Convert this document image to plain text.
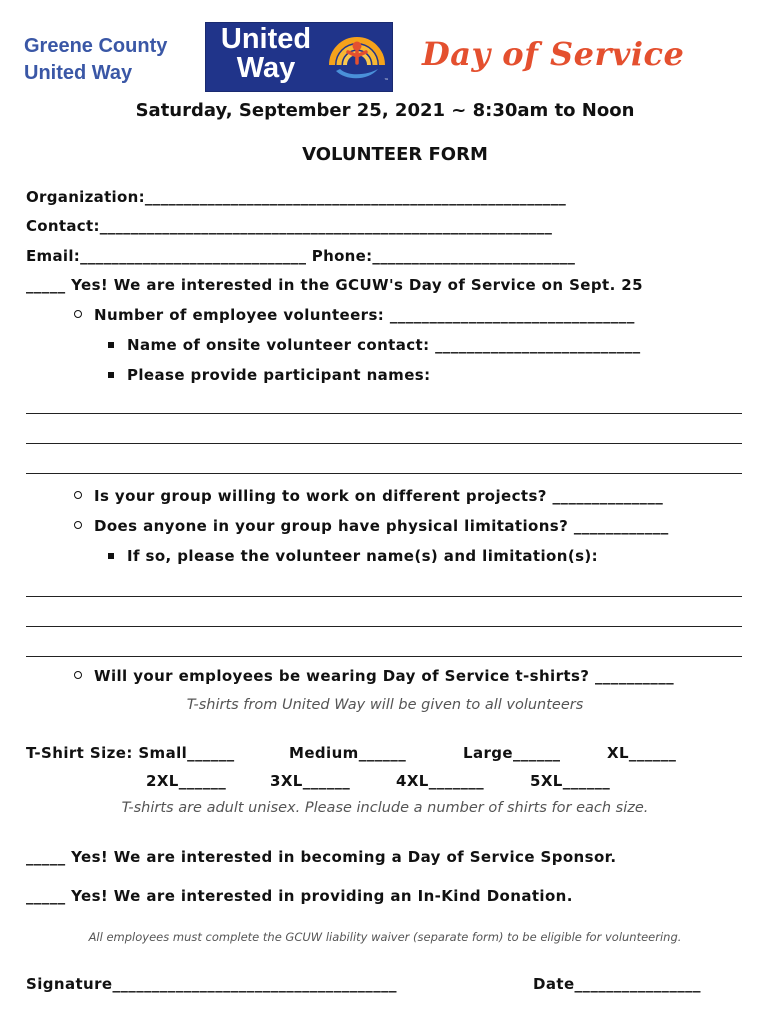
Greene County
United Way
United
Way	™
Day of Service
Saturday, September 25, 2021 ~ 8:30am to Noon
VOLUNTEER FORM
Organization:______________________________________________________
Contact:__________________________________________________________
Email:_____________________________ Phone:__________________________
_____ Yes! We are interested in the GCUW's Day of Service on Sept. 25
Number of employee volunteers: _______________________________
Name of onsite volunteer contact: __________________________
Please provide participant names:
Is your group willing to work on different projects? ______________
Does anyone in your group have physical limitations? ____________
If so, please the volunteer name(s) and limitation(s):
Will your employees be wearing Day of Service t-shirts? __________
T-shirts from United Way will be given to all volunteers
T-Shirt Size: Small______	Medium______	Large______	XL______
2XL______	3XL______	4XL_______	5XL______
T-shirts are adult unisex. Please include a number of shirts for each size.
_____ Yes! We are interested in becoming a Day of Service Sponsor.
_____ Yes! We are interested in providing an In-Kind Donation.
All employees must complete the GCUW liability waiver (separate form) to be eligible for volunteering.
Signature____________________________________	Date________________
